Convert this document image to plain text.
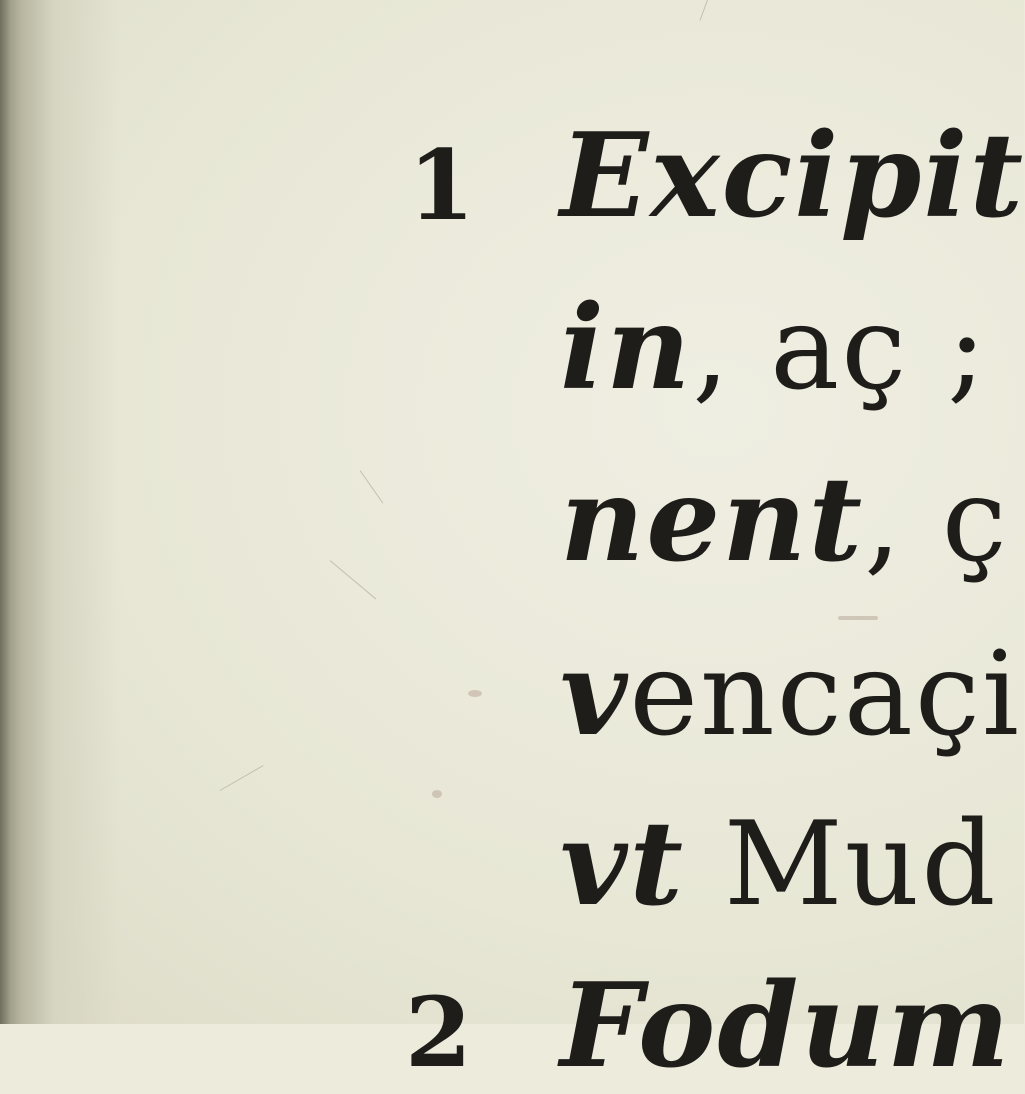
1
2
Excipit
in, aç ;
nent, ç
vencaçi
vt Mud
Fodum
